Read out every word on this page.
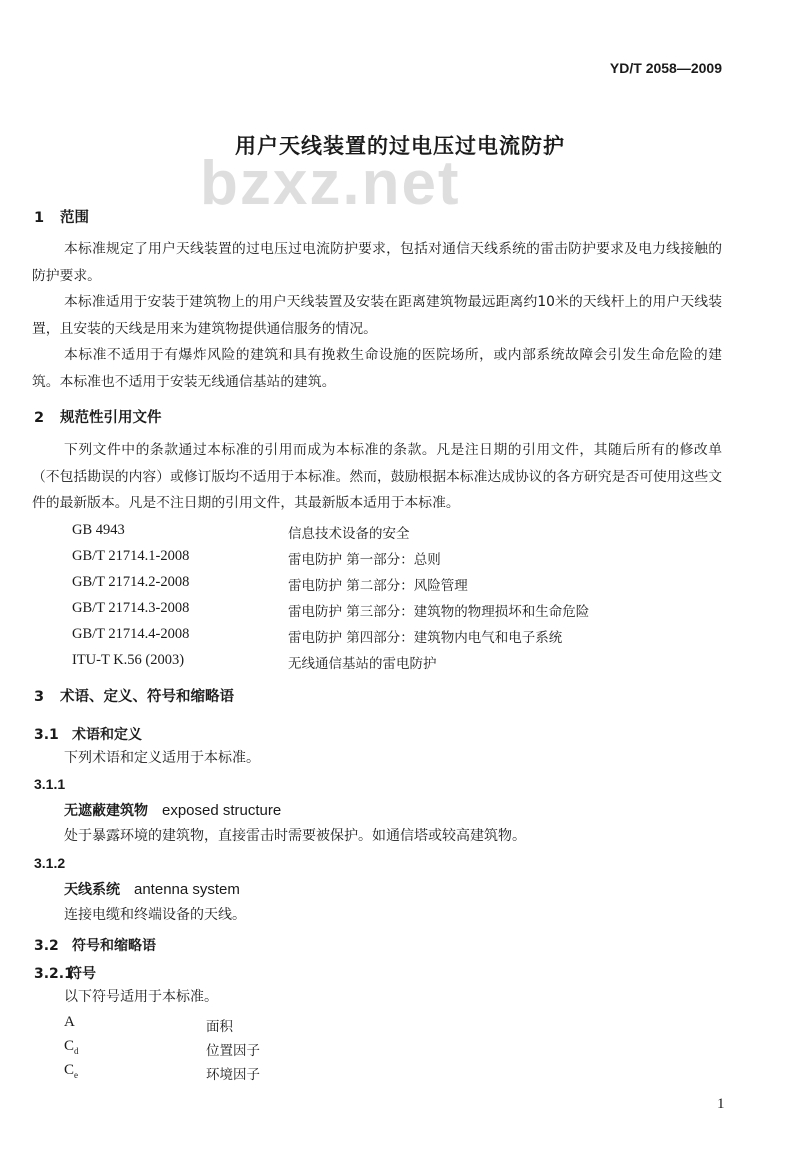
YD/T 2058—2009
用户天线装置的过电压过电流防护
bzxz.net
1 范围
本标准规定了用户天线装置的过电压过电流防护要求，包括对通信天线系统的雷击防护要求及电力线接触的防护要求。
本标准适用于安装于建筑物上的用户天线装置及安装在距离建筑物最远距离约10米的天线杆上的用户天线装置，且安装的天线是用来为建筑物提供通信服务的情况。
本标准不适用于有爆炸风险的建筑和具有挽救生命设施的医院场所，或内部系统故障会引发生命危险的建筑。本标准也不适用于安装无线通信基站的建筑。
2 规范性引用文件
下列文件中的条款通过本标准的引用而成为本标准的条款。凡是注日期的引用文件，其随后所有的修改单（不包括勘误的内容）或修订版均不适用于本标准。然而，鼓励根据本标准达成协议的各方研究是否可使用这些文件的最新版本。凡是不注日期的引用文件，其最新版本适用于本标准。
GB 4943	信息技术设备的安全
GB/T 21714.1-2008	雷电防护 第一部分：总则
GB/T 21714.2-2008	雷电防护 第二部分：风险管理
GB/T 21714.3-2008	雷电防护 第三部分：建筑物的物理损坏和生命危险
GB/T 21714.4-2008	雷电防护 第四部分：建筑物内电气和电子系统
ITU-T K.56 (2003)	无线通信基站的雷电防护
3 术语、定义、符号和缩略语
3.1 术语和定义
下列术语和定义适用于本标准。
3.1.1
无遮蔽建筑物 exposed structure
处于暴露环境的建筑物，直接雷击时需要被保护。如通信塔或较高建筑物。
3.1.2
天线系统 antenna system
连接电缆和终端设备的天线。
3.2 符号和缩略语
3.2.1符号
以下符号适用于本标准。
A	面积
$C_d$	位置因子
$C_e$	环境因子
1
